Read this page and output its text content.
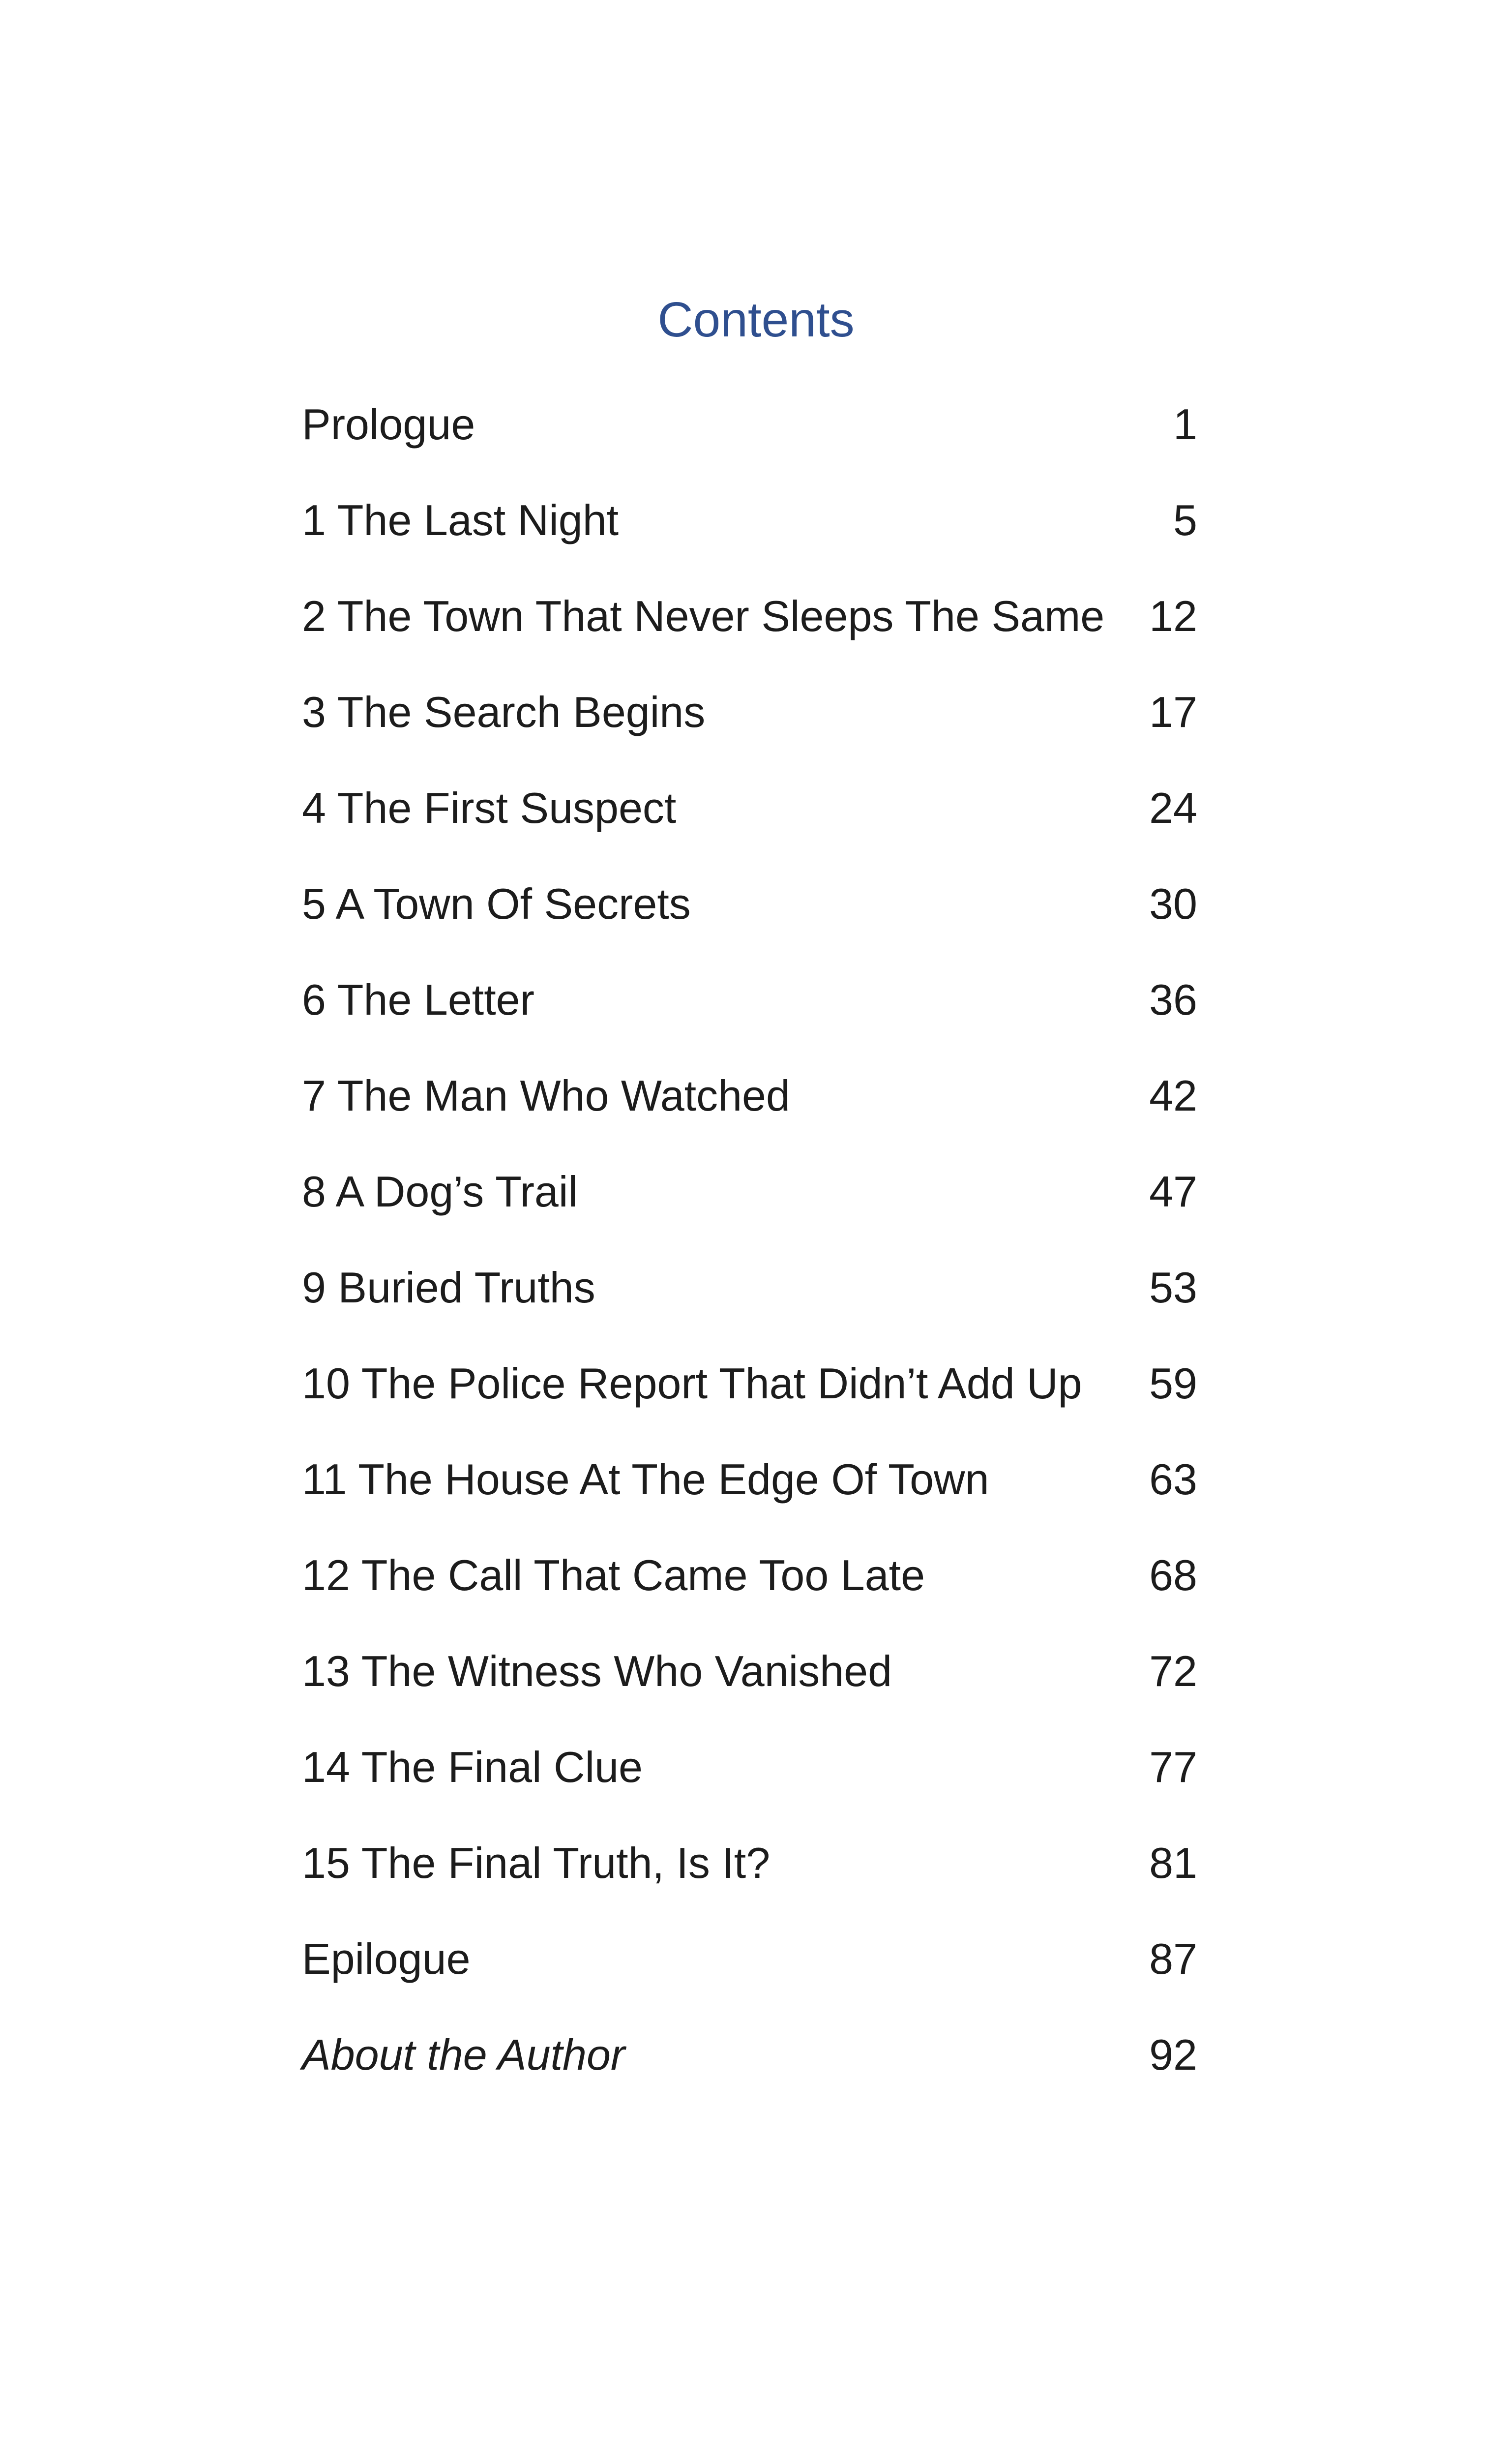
Contents
Prologue	1
1 The Last Night	5
2 The Town That Never Sleeps The Same 12
3 The Search Begins	17
4 The First Suspect	24
5 A Town Of Secrets	30
6 The Letter	36
7 The Man Who Watched	42
8 A Dog’s Trail	47
9 Buried Truths	53
10 The Police Report That Didn’t Add Up 59
11 The House At The Edge Of Town	63
12 The Call That Came Too Late	68
13 The Witness Who Vanished	72
14 The Final Clue	77
15 The Final Truth, Is It?	81
Epilogue	87
About the Author	92
